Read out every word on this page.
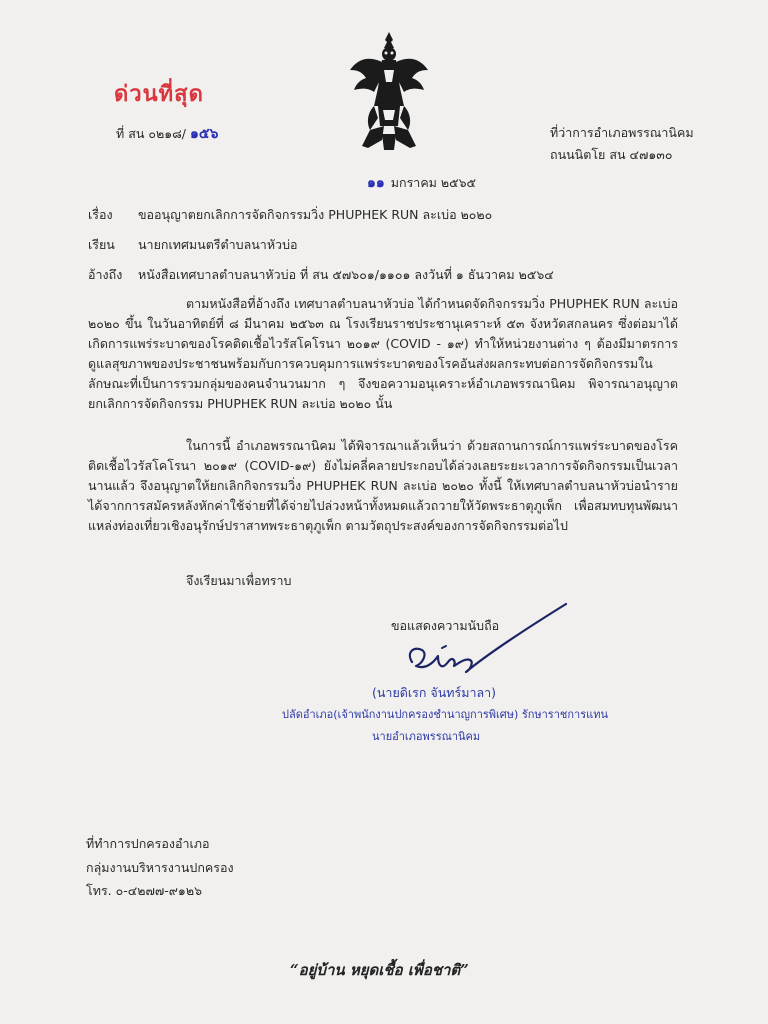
ด่วนที่สุด
ที่ สน ๐๒๑๘/ ๑๕๖	ที่ว่าการอำเภอพรรณานิคม
ถนนนิตโย สน ๔๗๑๓๐
๑๑ มกราคม ๒๕๖๕
เรื่อง ขออนุญาตยกเลิกการจัดกิจกรรมวิ่ง PHUPHEK RUN ละเบ่อ ๒๐๒๐
เรียน นายกเทศมนตรีตำบลนาหัวบ่อ
อ้างถึง หนังสือเทศบาลตำบลนาหัวบ่อ ที่ สน ๕๗๖๐๑/๑๑๐๑ ลงวันที่ ๑ ธันวาคม ๒๕๖๔
ตามหนังสือที่อ้างถึง เทศบาลตำบลนาหัวบ่อ ได้กำหนดจัดกิจกรรมวิ่ง PHUPHEK RUN ละเบ่อ ๒๐๒๐ ขึ้น ในวันอาทิตย์ที่ ๘ มีนาคม ๒๕๖๓ ณ โรงเรียนราชประชานุเคราะห์ ๕๓ จังหวัดสกลนคร ซึ่งต่อมาได้เกิดการแพร่ระบาดของโรคติดเชื้อไวรัสโคโรนา ๒๐๑๙ (COVID - ๑๙) ทำให้หน่วยงานต่าง ๆ ต้องมีมาตรการดูแลสุขภาพของประชาชนพร้อมกับการควบคุมการแพร่ระบาดของโรคอันส่งผลกระทบต่อการจัดกิจกรรมในลักษณะที่เป็นการรวมกลุ่มของคนจำนวนมาก ๆ จึงขอความอนุเคราะห์อำเภอพรรณานิคม พิจารณาอนุญาตยกเลิกการจัดกิจกรรม PHUPHEK RUN ละเบ่อ ๒๐๒๐ นั้น
ในการนี้ อำเภอพรรณานิคม ได้พิจารณาแล้วเห็นว่า ด้วยสถานการณ์การแพร่ระบาดของโรคติดเชื้อไวรัสโคโรนา ๒๐๑๙ (COVID-๑๙) ยังไม่คลี่คลายประกอบได้ล่วงเลยระยะเวลาการจัดกิจกรรมเป็นเวลานานแล้ว จึงอนุญาตให้ยกเลิกกิจกรรมวิ่ง PHUPHEK RUN ละเบ่อ ๒๐๒๐ ทั้งนี้ ให้เทศบาลตำบลนาหัวบ่อนำรายได้จากการสมัครหลังหักค่าใช้จ่ายที่ได้จ่ายไปล่วงหน้าทั้งหมดแล้วถวายให้วัดพระธาตุภูเพ็ก เพื่อสมทบทุนพัฒนาแหล่งท่องเที่ยวเชิงอนุรักษ์ปราสาทพระธาตุภูเพ็ก ตามวัตถุประสงค์ของการจัดกิจกรรมต่อไป
จึงเรียนมาเพื่อทราบ
ขอแสดงความนับถือ
(นายดิเรก จันทร์มาลา)
ปลัดอำเภอ(เจ้าพนักงานปกครองชำนาญการพิเศษ) รักษาราชการแทน
นายอำเภอพรรณานิคม
ที่ทำการปกครองอำเภอ
กลุ่มงานบริหารงานปกครอง
โทร. ๐-๔๒๗๗-๙๑๒๖
“อยู่บ้าน หยุดเชื้อ เพื่อชาติ”
